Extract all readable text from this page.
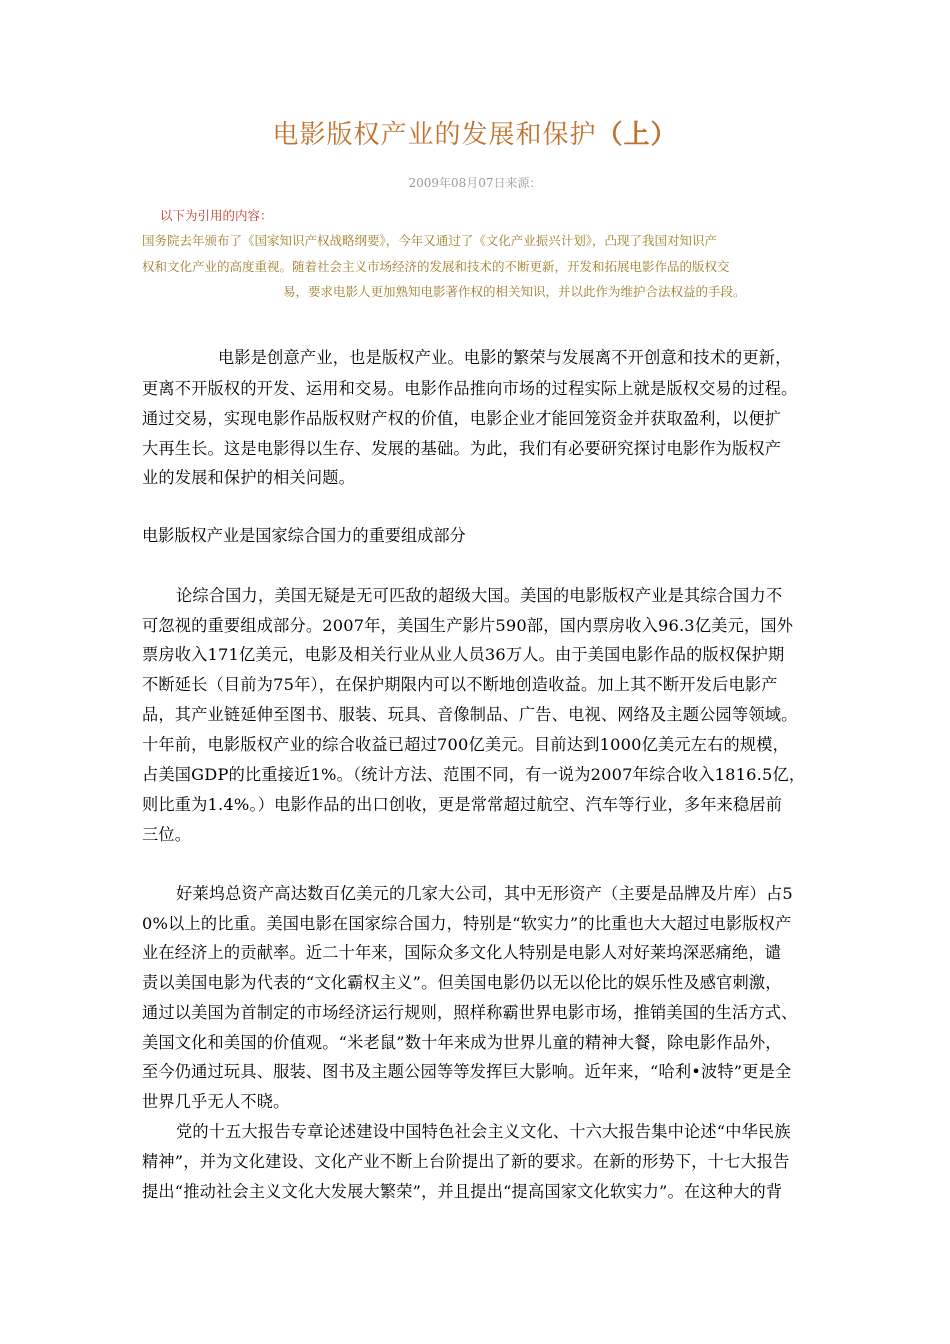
电影版权产业的发展和保护（上）
2009年08月07日来源：
以下为引用的内容：
国务院去年颁布了《国家知识产权战略纲要》，今年又通过了《文化产业振兴计划》，凸现了我国对知识产
权和文化产业的高度重视。随着社会主义市场经济的发展和技术的不断更新，开发和拓展电影作品的版权交
易，要求电影人更加熟知电影著作权的相关知识，并以此作为维护合法权益的手段。
电影是创意产业，也是版权产业。电影的繁荣与发展离不开创意和技术的更新，
更离不开版权的开发、运用和交易。电影作品推向市场的过程实际上就是版权交易的过程。
通过交易，实现电影作品版权财产权的价值，电影企业才能回笼资金并获取盈利，以便扩
大再生长。这是电影得以生存、发展的基础。为此，我们有必要研究探讨电影作为版权产
业的发展和保护的相关问题。
电影版权产业是国家综合国力的重要组成部分
论综合国力，美国无疑是无可匹敌的超级大国。美国的电影版权产业是其综合国力不
可忽视的重要组成部分。2007年，美国生产影片590部，国内票房收入96.3亿美元，国外
票房收入171亿美元，电影及相关行业从业人员36万人。由于美国电影作品的版权保护期
不断延长（目前为75年），在保护期限内可以不断地创造收益。加上其不断开发后电影产
品，其产业链延伸至图书、服装、玩具、音像制品、广告、电视、网络及主题公园等领域。
十年前，电影版权产业的综合收益已超过700亿美元。目前达到1000亿美元左右的规模，
占美国GDP的比重接近1%。（统计方法、范围不同，有一说为2007年综合收入1816.5亿，
则比重为1.4%。）电影作品的出口创收，更是常常超过航空、汽车等行业，多年来稳居前
三位。
好莱坞总资产高达数百亿美元的几家大公司，其中无形资产（主要是品牌及片库）占5
0%以上的比重。美国电影在国家综合国力，特别是“软实力”的比重也大大超过电影版权产
业在经济上的贡献率。近二十年来，国际众多文化人特别是电影人对好莱坞深恶痛绝，谴
责以美国电影为代表的“文化霸权主义”。但美国电影仍以无以伦比的娱乐性及感官刺激，
通过以美国为首制定的市场经济运行规则，照样称霸世界电影市场，推销美国的生活方式、
美国文化和美国的价值观。“米老鼠”数十年来成为世界儿童的精神大餐，除电影作品外，
至今仍通过玩具、服装、图书及主题公园等等发挥巨大影响。近年来，“哈利•波特”更是全
世界几乎无人不晓。
党的十五大报告专章论述建设中国特色社会主义文化、十六大报告集中论述“中华民族
精神”，并为文化建设、文化产业不断上台阶提出了新的要求。在新的形势下，十七大报告
提出“推动社会主义文化大发展大繁荣”，并且提出“提高国家文化软实力”。在这种大的背
